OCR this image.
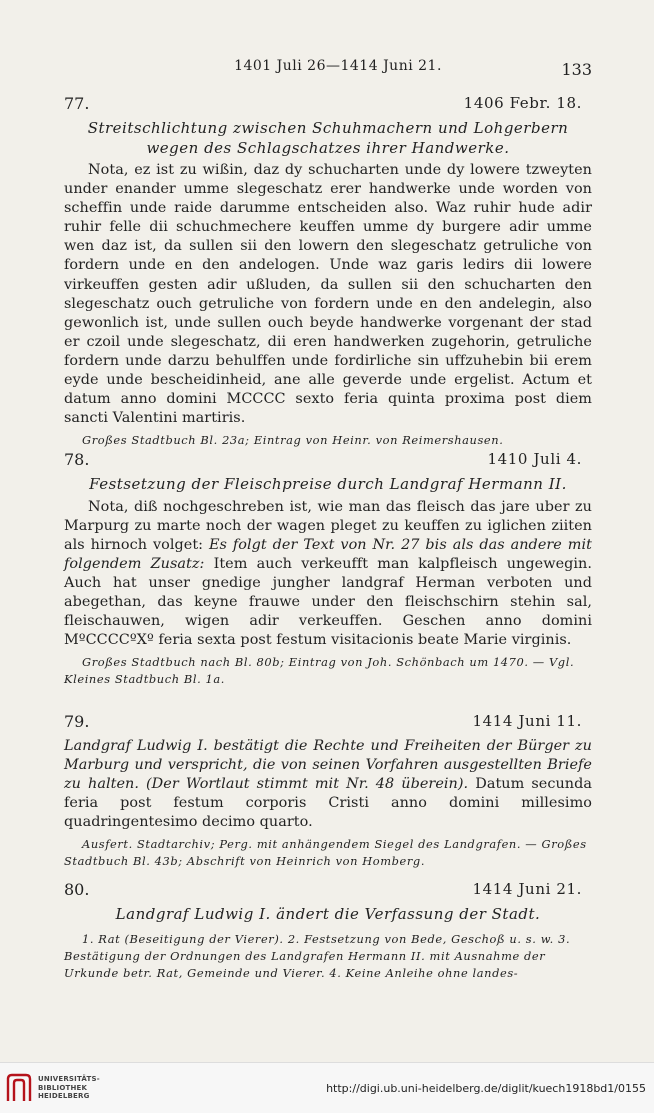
1401 Juli 26—1414 Juni 21.	133
77.	1406 Febr. 18.
Streitschlichtung zwischen Schuhmachern und Lohgerbern wegen des Schlagschatzes ihrer Handwerke.
Nota, ez ist zu wißin, daz dy schucharten unde dy lowere tzweyten under enander umme slegeschatz erer handwerke unde worden von scheffin unde raide darumme entscheiden also. Waz ruhir hude adir ruhir felle dii schuchmechere keuffen umme dy burgere adir umme wen daz ist, da sullen sii den lowern den slegeschatz getruliche von fordern unde en den andelogen. Unde waz garis ledirs dii lowere virkeuffen gesten adir ußluden, da sullen sii den schucharten den slegeschatz ouch getruliche von fordern unde en den andelegin, also gewonlich ist, unde sullen ouch beyde handwerke vorgenant der stad er czoil unde slegeschatz, dii eren handwerken zugehorin, getruliche fordern unde darzu behulffen unde fordirliche sin uffzuhebin bii erem eyde unde bescheidinheid, ane alle geverde unde ergelist. Actum et datum anno domini MCCCC sexto feria quinta proxima post diem sancti Valentini martiris.
Großes Stadtbuch Bl. 23a; Eintrag von Heinr. von Reimershausen.
78.	1410 Juli 4.
Festsetzung der Fleischpreise durch Landgraf Hermann II.
Nota, diß nochgeschreben ist, wie man das fleisch das jare uber zu Marpurg zu marte noch der wagen pleget zu keuffen zu iglichen ziiten als hirnoch volget: Es folgt der Text von Nr. 27 bis als das andere mit folgendem Zusatz: Item auch verkeufft man kalpfleisch ungewegin. Auch hat unser gnedige jungher landgraf Herman verboten und abegethan, das keyne frauwe under den fleischschirn stehin sal, fleischauwen, wigen adir verkeuffen. Geschen anno domini MºCCCCºXº feria sexta post festum visitacionis beate Marie virginis.
Großes Stadtbuch nach Bl. 80b; Eintrag von Joh. Schönbach um 1470. — Vgl. Kleines Stadtbuch Bl. 1a.
79.	1414 Juni 11.
Landgraf Ludwig I. bestätigt die Rechte und Freiheiten der Bürger zu Marburg und verspricht, die von seinen Vorfahren ausgestellten Briefe zu halten. (Der Wortlaut stimmt mit Nr. 48 überein). Datum secunda feria post festum corporis Cristi anno domini millesimo quadringentesimo decimo quarto.
Ausfert. Stadtarchiv; Perg. mit anhängendem Siegel des Landgrafen. — Großes Stadtbuch Bl. 43b; Abschrift von Heinrich von Homberg.
80.	1414 Juni 21.
Landgraf Ludwig I. ändert die Verfassung der Stadt.
1. Rat (Beseitigung der Vierer). 2. Festsetzung von Bede, Geschoß u. s. w. 3. Bestätigung der Ordnungen des Landgrafen Hermann II. mit Ausnahme der Urkunde betr. Rat, Gemeinde und Vierer. 4. Keine Anleihe ohne landes-
UNIVERSITÄTS-
BIBLIOTHEK
HEIDELBERG
http://digi.ub.uni-heidelberg.de/diglit/kuech1918bd1/0155
